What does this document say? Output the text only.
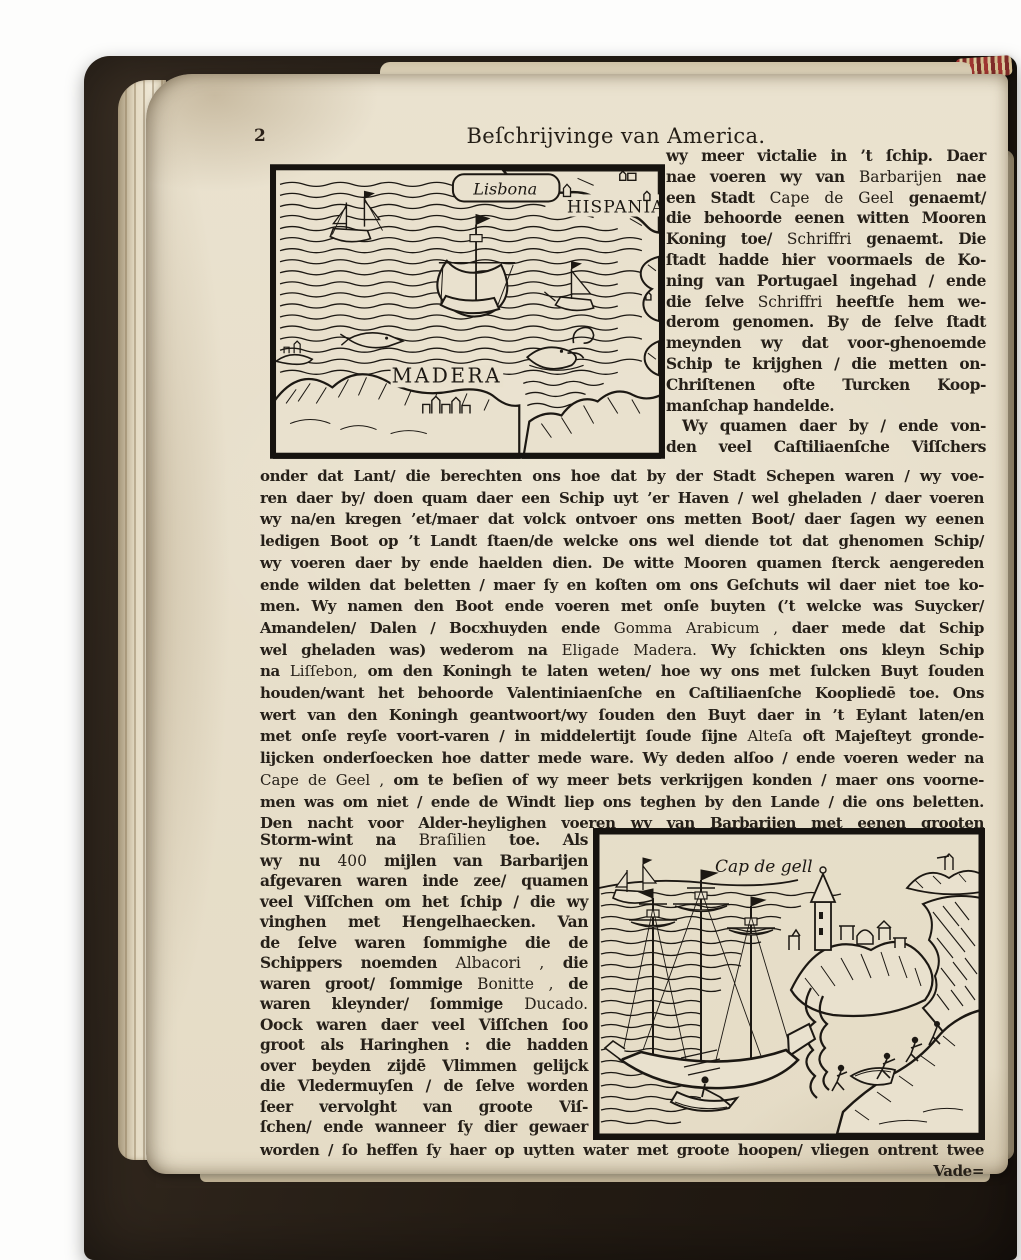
2	Beſchrijvinge van America.
HISPANIA
Lisbona
MADERA
wy meer victalie in ’t ſchip. Daer
nae voeren wy van Barbarijen nae
een Stadt Cape de Geel genaemt/
die behoorde eenen witten Mooren
Koning toe/ Schriffri genaemt. Die
ſtadt hadde hier voormaels de Ko-
ning van Portugael ingehad / ende
die ſelve Schriffri heeftſe hem we-
derom genomen. By de ſelve ſtadt
meynden wy dat voor-ghenoemde
Schip te krijghen / die metten on-
Chriſtenen ofte Turcken Koop-
manſchap handelde.
Wy quamen daer by / ende von-
den veel Caſtiliaenſche Viſſchers
onder dat Lant/ die berechten ons hoe dat by der Stadt Schepen waren / wy voe-
ren daer by/ doen quam daer een Schip uyt ’er Haven / wel gheladen / daer voeren
wy na/en kregen ’et/maer dat volck ontvoer ons metten Boot/ daer ſagen wy eenen
ledigen Boot op ’t Landt ſtaen/de welcke ons wel diende tot dat ghenomen Schip/
wy voeren daer by ende haelden dien. De witte Mooren quamen ſterck aengereden
ende wilden dat beletten / maer ſy en koſten om ons Geſchuts wil daer niet toe ko-
men. Wy namen den Boot ende voeren met onſe buyten (’t welcke was Suycker/
Amandelen/ Dalen / Bocxhuyden ende Gomma Arabicum , daer mede dat Schip
wel gheladen was) wederom na Eligade Madera. Wy ſchickten ons kleyn Schip
na Liſſebon, om den Koningh te laten weten/ hoe wy ons met ſulcken Buyt ſouden
houden/want het behoorde Valentiniaenſche en Caſtiliaenſche Koopliedē toe. Ons
wert van den Koningh geantwoort/wy ſouden den Buyt daer in ’t Eylant laten/en
met onſe reyſe voort-varen / in middelertijt ſoude ſijne Alteſa oft Majeſteyt gronde-
lijcken onderſoecken hoe datter mede ware. Wy deden alſoo / ende voeren weder na
Cape de Geel , om te beſien of wy meer bets verkrijgen konden / maer ons voorne-
men was om niet / ende de Windt liep ons teghen by den Lande / die ons beletten.
Den nacht voor Alder-heylighen voeren wy van Barbarijen met eenen grooten
Storm-wint na Braſilien toe. Als
wy nu 400 mijlen van Barbarijen
afgevaren waren inde zee/ quamen
veel Viſſchen om het ſchip / die wy
vinghen met Hengelhaecken. Van
de ſelve waren ſommighe die de
Schippers noemden Albacori , die
waren groot/ ſommige Bonitte , de
waren kleynder/ ſommige Ducado.
Oock waren daer veel Viſſchen ſoo
groot als Haringhen : die hadden
over beyden zijdē Vlimmen gelijck
die Vledermuyſen / de ſelve worden
ſeer vervolght van groote Viſ-
ſchen/ ende wanneer ſy dier gewaer
Cap de gell
worden / ſo heffen ſy haer op uytten water met groote hoopen/ vliegen ontrent twee
Vade=
